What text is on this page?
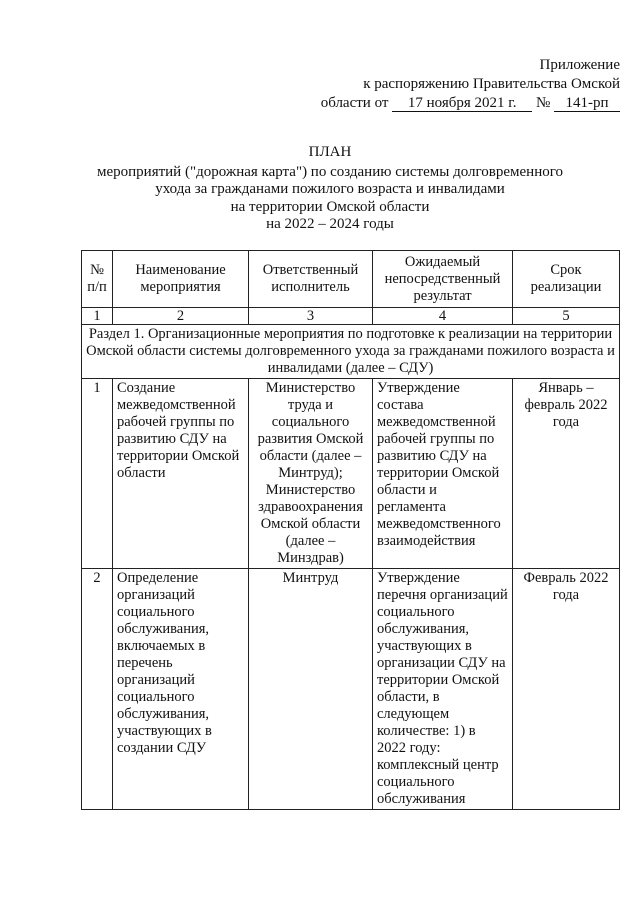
Приложение
к распоряжению Правительства Омской
области от 17 ноября 2021 г. № 141-рп
ПЛАН
мероприятий ("дорожная карта") по созданию системы долговременного
ухода за гражданами пожилого возраста и инвалидами
на территории Омской области
на 2022 – 2024 годы
№ п/п	Наименование мероприятия	Ответственный исполнитель	Ожидаемый непосредственный результат	Срок реализации
1	2	3	4	5
Раздел 1. Организационные мероприятия по подготовке к реализации на территории Омской области системы долговременного ухода за гражданами пожилого возраста и инвалидами (далее – СДУ)				
1	Создание межведомственной рабочей группы по развитию СДУ на территории Омской области	Министерство труда и социального развития Омской области (далее – Минтруд); Министерство здравоохранения Омской области (далее – Минздрав)	Утверждение состава межведомственной рабочей группы по развитию СДУ на территории Омской области и регламента межведомственного взаимодействия	Январь – февраль 2022 года
2	Определение организаций социального обслуживания, включаемых в перечень организаций социального обслуживания, участвующих в создании СДУ	Минтруд	Утверждение перечня организаций социального обслуживания, участвующих в организации СДУ на территории Омской области, в следующем количестве: 1) в 2022 году: комплексный центр социального обслуживания	Февраль 2022 года
